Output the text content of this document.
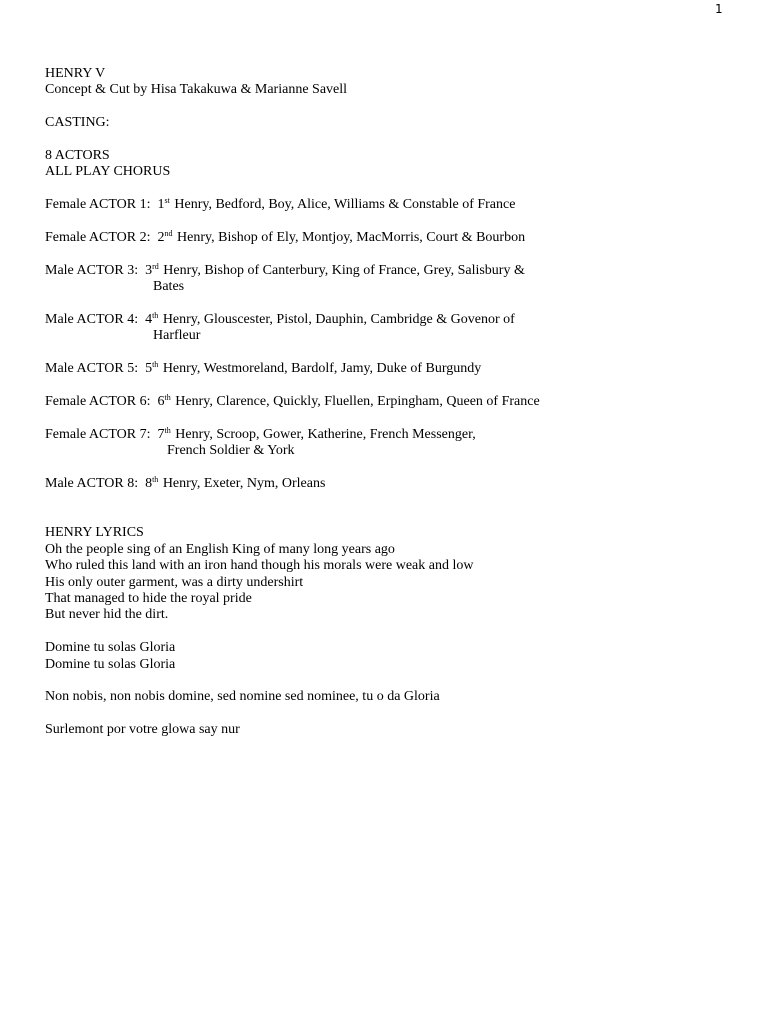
1
HENRY V
Concept & Cut by Hisa Takakuwa & Marianne Savell
CASTING:
8 ACTORS
ALL PLAY CHORUS
Female ACTOR 1:  1st Henry, Bedford, Boy, Alice, Williams & Constable of France
Female ACTOR 2:  2nd Henry, Bishop of Ely, Montjoy, MacMorris, Court & Bourbon
Male ACTOR 3:  3rd Henry, Bishop of Canterbury, King of France, Grey, Salisbury &
Bates
Male ACTOR 4:  4th Henry, Glouscester, Pistol, Dauphin, Cambridge & Govenor of
Harfleur
Male ACTOR 5:  5th Henry, Westmoreland, Bardolf, Jamy, Duke of Burgundy
Female ACTOR 6:  6th Henry, Clarence, Quickly, Fluellen, Erpingham, Queen of France
Female ACTOR 7:  7th Henry, Scroop, Gower, Katherine, French Messenger,
French Soldier & York
Male ACTOR 8:  8th Henry, Exeter, Nym, Orleans
HENRY LYRICS
Oh the people sing of an English King of many long years ago
Who ruled this land with an iron hand though his morals were weak and low
His only outer garment, was a dirty undershirt
That managed to hide the royal pride
But never hid the dirt.
Domine tu solas Gloria
Domine tu solas Gloria
Non nobis, non nobis domine, sed nomine sed nominee, tu o da Gloria
Surlemont por votre glowa say nur
